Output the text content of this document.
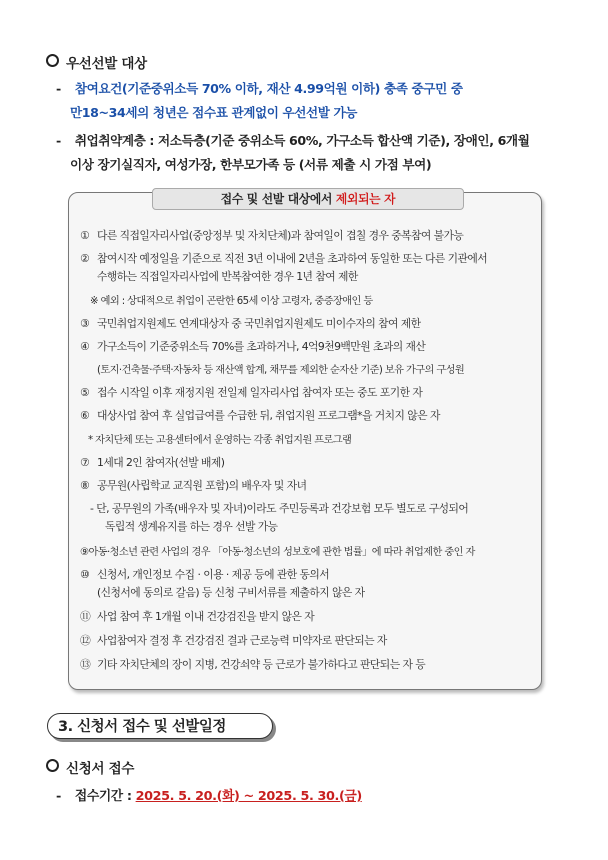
우선선발 대상
- 참여요건(기준중위소득 70% 이하, 재산 4.99억원 이하) 충족 중구민 중
만18~34세의 청년은 점수표 관계없이 우선선발 가능
- 취업취약계층 : 저소득층(기준 중위소득 60%, 가구소득 합산액 기준), 장애인, 6개월
이상 장기실직자, 여성가장, 한부모가족 등 (서류 제출 시 가점 부여)
접수 및 선발 대상에서 제외되는 자
① 다른 직접일자리사업(중앙정부 및 자치단체)과 참여일이 겹칠 경우 중복참여 불가능
② 참여시작 예정일을 기준으로 직전 3년 이내에 2년을 초과하여 동일한 또는 다른 기관에서
수행하는 직접일자리사업에 반복참여한 경우 1년 참여 제한
※ 예외 : 상대적으로 취업이 곤란한 65세 이상 고령자, 중증장애인 등
③ 국민취업지원제도 연계대상자 중 국민취업지원제도 미이수자의 참여 제한
④ 가구소득이 기준중위소득 70%를 초과하거나, 4억9천9백만원 초과의 재산
(토지·건축물·주택·자동차 등 재산액 합계, 채무를 제외한 순자산 기준) 보유 가구의 구성원
⑤ 접수 시작일 이후 재정지원 전일제 일자리사업 참여자 또는 중도 포기한 자
⑥ 대상사업 참여 후 실업급여를 수급한 뒤, 취업지원 프로그램*을 거치지 않은 자
* 자치단체 또는 고용센터에서 운영하는 각종 취업지원 프로그램
⑦ 1세대 2인 참여자(선발 배제)
⑧ 공무원(사립학교 교직원 포함)의 배우자 및 자녀
- 단, 공무원의 가족(배우자 및 자녀)이라도 주민등록과 건강보험 모두 별도로 구성되어
독립적 생계유지를 하는 경우 선발 가능
⑨아동·청소년 관련 사업의 경우 「아동·청소년의 성보호에 관한 법률」에 따라 취업제한 중인 자
⑩ 신청서, 개인정보 수집 · 이용 · 제공 등에 관한 동의서
(신청서에 동의로 갈음) 등 신청 구비서류를 제출하지 않은 자
⑪ 사업 참여 후 1개월 이내 건강검진을 받지 않은 자
⑫ 사업참여자 결정 후 건강검진 결과 근로능력 미약자로 판단되는 자
⑬ 기타 자치단체의 장이 지병, 건강쇠약 등 근로가 불가하다고 판단되는 자 등
3. 신청서 접수 및 선발일정
신청서 접수
- 접수기간 : 2025. 5. 20.(화) ~ 2025. 5. 30.(금)
